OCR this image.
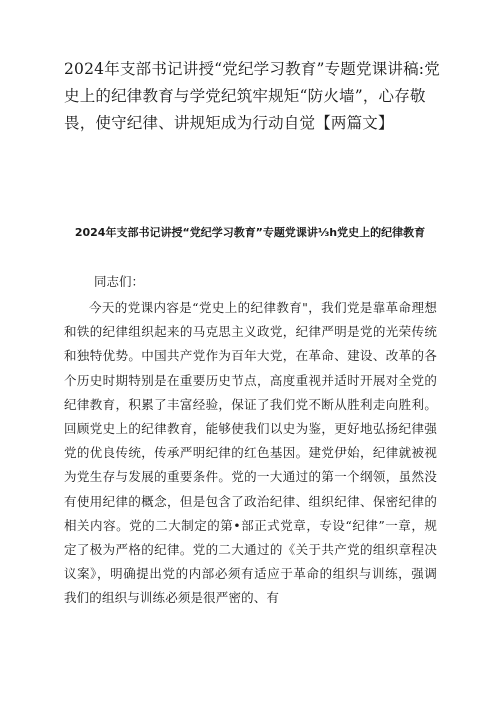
2024年支部书记讲授“党纪学习教育”专题党课讲稿:党史上的纪律教育与学党纪筑牢规矩“防火墙”，心存敬畏，使守纪律、讲规矩成为行动自觉【两篇文】
2024年支部书记讲授“党纪学习教育”专题党课讲⅓h党史上的纪律教育

同志们：

今天的党课内容是“党史上的纪律教育"，我们党是靠革命理想和铁的纪律组织起来的马克思主义政党，纪律严明是党的光荣传统和独特优势。中国共产党作为百年大党，在革命、建设、改革的各个历史时期特别是在重要历史节点，高度重视并适时开展对全党的纪律教育，积累了丰富经验，保证了我们党不断从胜利走向胜利。回顾党史上的纪律教育，能够使我们以史为鉴，更好地弘扬纪律强党的优良传统，传承严明纪律的红色基因。建党伊始，纪律就被视为党生存与发展的重要条件。党的一大通过的第一个纲领，虽然没有使用纪律的概念，但是包含了政治纪律、组织纪律、保密纪律的相关内容。党的二大制定的第•部正式党章，专设“纪律”一章，规定了极为严格的纪律。党的二大通过的《关于共产党的组织章程决议案》，明确提出党的内部必须有适应于革命的组织与训练，强调我们的组织与训练必须是很严密的、有
